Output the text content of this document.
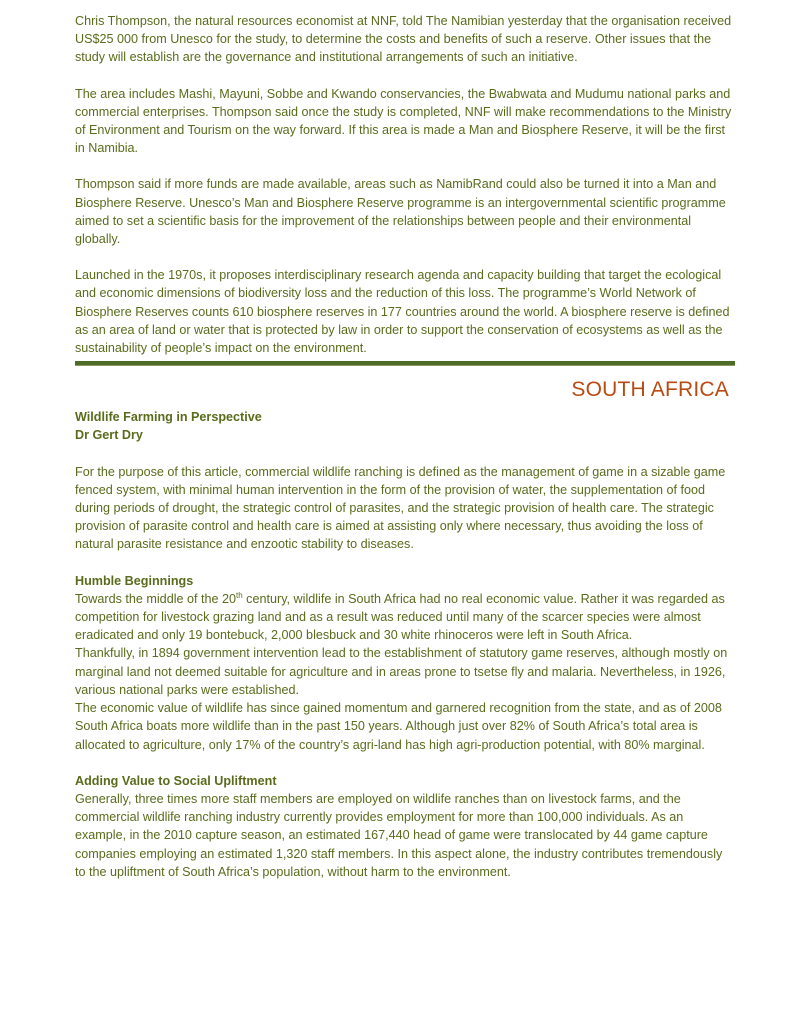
Chris Thompson, the natural resources economist at NNF, told The Namibian yesterday that the organisation received US$25 000 from Unesco for the study, to determine the costs and benefits of such a reserve. Other issues that the study will establish are the governance and institutional arrangements of such an initiative.

The area includes Mashi, Mayuni, Sobbe and Kwando conservancies, the Bwabwata and Mudumu national parks and commercial enterprises. Thompson said once the study is completed, NNF will make recommendations to the Ministry of Environment and Tourism on the way forward. If this area is made a Man and Biosphere Reserve, it will be the first in Namibia.

Thompson said if more funds are made available, areas such as NamibRand could also be turned it into a Man and Biosphere Reserve. Unesco’s Man and Biosphere Reserve programme is an intergovernmental scientific programme aimed to set a scientific basis for the improvement of the relationships between people and their environmental globally.

Launched in the 1970s, it proposes interdisciplinary research agenda and capacity building that target the ecological and economic dimensions of biodiversity loss and the reduction of this loss. The programme’s World Network of Biosphere Reserves counts 610 biosphere reserves in 177 countries around the world. A biosphere reserve is defined as an area of land or water that is protected by law in order to support the conservation of ecosystems as well as the sustainability of people’s impact on the environment.

SOUTH AFRICA

Wildlife Farming in Perspective

Dr Gert Dry

For the purpose of this article, commercial wildlife ranching is defined as the management of game in a sizable game fenced system, with minimal human intervention in the form of the provision of water, the supplementation of food during periods of drought, the strategic control of parasites, and the strategic provision of health care. The strategic provision of parasite control and health care is aimed at assisting only where necessary, thus avoiding the loss of natural parasite resistance and enzootic stability to diseases.

Humble Beginnings

Towards the middle of the 20th century, wildlife in South Africa had no real economic value. Rather it was regarded as competition for livestock grazing land and as a result was reduced until many of the scarcer species were almost eradicated and only 19 bontebuck, 2,000 blesbuck and 30 white rhinoceros were left in South Africa.

Thankfully, in 1894 government intervention lead to the establishment of statutory game reserves, although mostly on marginal land not deemed suitable for agriculture and in areas prone to tsetse fly and malaria. Nevertheless, in 1926, various national parks were established.

The economic value of wildlife has since gained momentum and garnered recognition from the state, and as of 2008 South Africa boats more wildlife than in the past 150 years. Although just over 82% of South Africa’s total area is allocated to agriculture, only 17% of the country’s agri-land has high agri-production potential, with 80% marginal.

Adding Value to Social Upliftment

Generally, three times more staff members are employed on wildlife ranches than on livestock farms, and the commercial wildlife ranching industry currently provides employment for more than 100,000 individuals. As an example, in the 2010 capture season, an estimated 167,440 head of game were translocated by 44 game capture companies employing an estimated 1,320 staff members. In this aspect alone, the industry contributes tremendously to the upliftment of South Africa’s population, without harm to the environment.
